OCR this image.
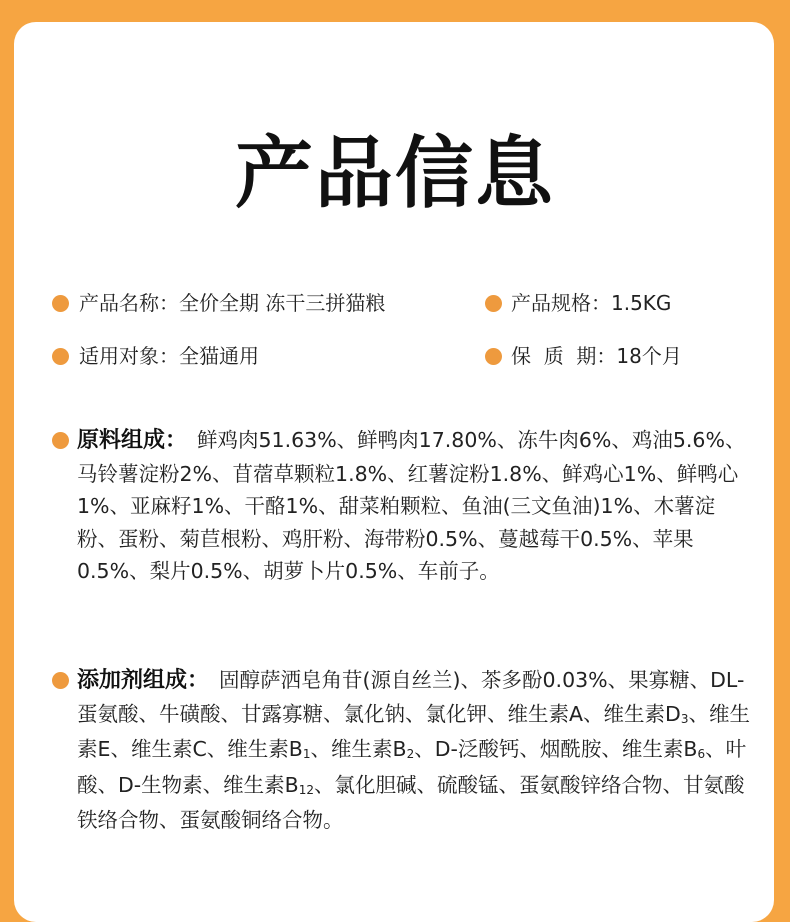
产品信息
产品名称：全价全期 冻干三拼猫粮	产品规格：1.5KG
适用对象：全猫通用	保  质  期：18个月
原料组成： 鲜鸡肉51.63%、鲜鸭肉17.80%、冻牛肉6%、鸡油5.6%、马铃薯淀粉2%、苜蓿草颗粒1.8%、红薯淀粉1.8%、鲜鸡心1%、鲜鸭心1%、亚麻籽1%、干酪1%、甜菜粕颗粒、鱼油(三文鱼油)1%、木薯淀粉、蛋粉、菊苣根粉、鸡肝粉、海带粉0.5%、蔓越莓干0.5%、苹果0.5%、梨片0.5%、胡萝卜片0.5%、车前子。
添加剂组成： 固醇萨洒皂角苷(源自丝兰)、茶多酚0.03%、果寡糖、DL-蛋氨酸、牛磺酸、甘露寡糖、氯化钠、氯化钾、维生素A、维生素$D_3$、维生素E、维生素C、维生素$B_1$、维生素$B_2$、D-泛酸钙、烟酰胺、维生素$B_6$、叶酸、D-生物素、维生素$B_{12}$、氯化胆碱、硫酸锰、蛋氨酸锌络合物、甘氨酸铁络合物、蛋氨酸铜络合物。
